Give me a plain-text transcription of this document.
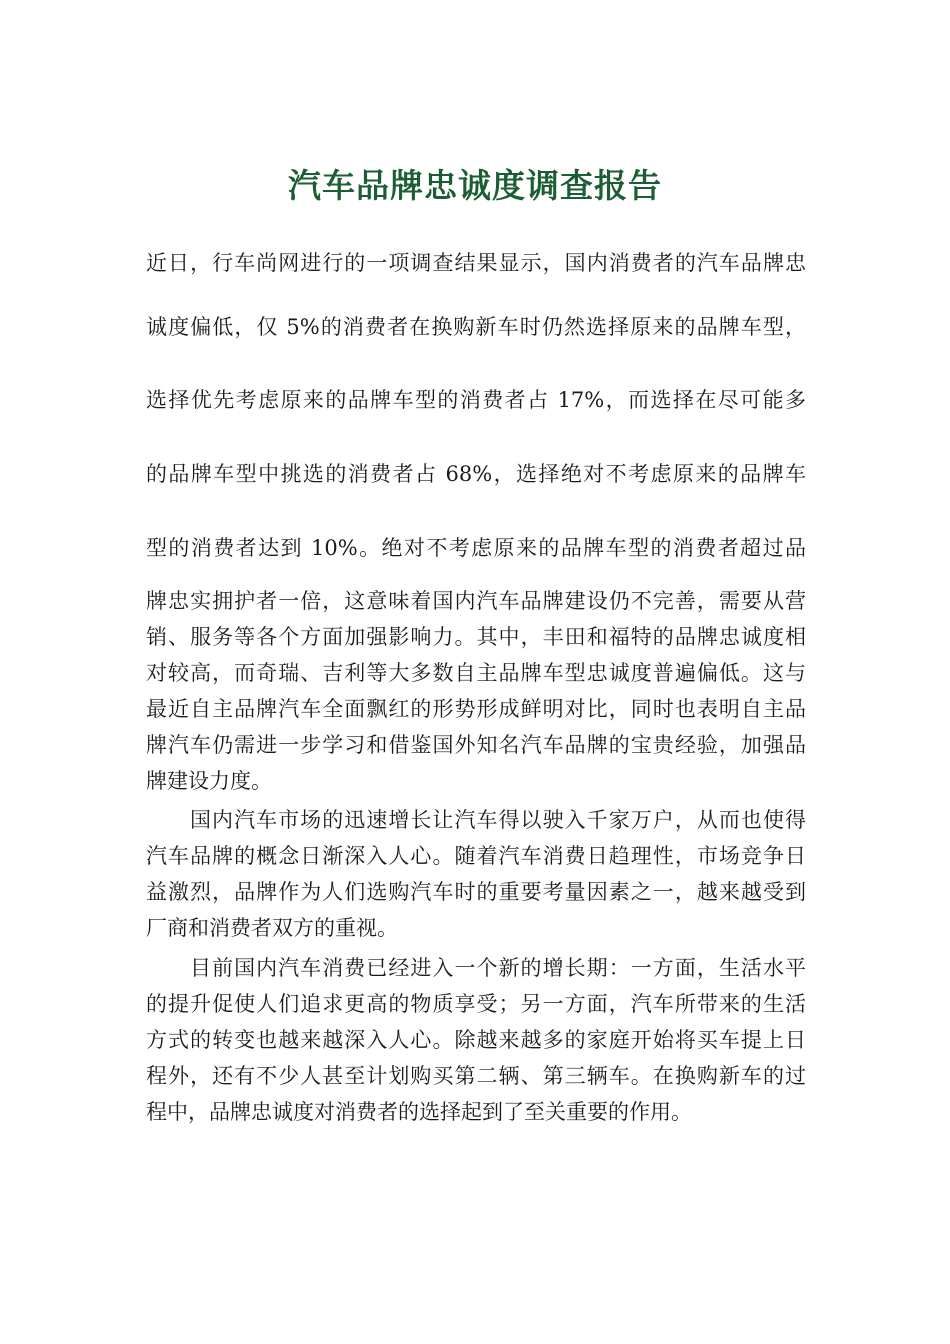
汽车品牌忠诚度调查报告
近日，行车尚网进行的一项调查结果显示，国内消费者的汽车品牌忠
诚度偏低，仅 5%的消费者在换购新车时仍然选择原来的品牌车型，
选择优先考虑原来的品牌车型的消费者占 17%，而选择在尽可能多
的品牌车型中挑选的消费者占 68%，选择绝对不考虑原来的品牌车
型的消费者达到 10%。绝对不考虑原来的品牌车型的消费者超过品
牌忠实拥护者一倍，这意味着国内汽车品牌建设仍不完善，需要从营
销、服务等各个方面加强影响力。其中，丰田和福特的品牌忠诚度相
对较高，而奇瑞、吉利等大多数自主品牌车型忠诚度普遍偏低。这与
最近自主品牌汽车全面飘红的形势形成鲜明对比，同时也表明自主品
牌汽车仍需进一步学习和借鉴国外知名汽车品牌的宝贵经验，加强品
牌建设力度。
国内汽车市场的迅速增长让汽车得以驶入千家万户，从而也使得
汽车品牌的概念日渐深入人心。随着汽车消费日趋理性，市场竞争日
益激烈，品牌作为人们选购汽车时的重要考量因素之一，越来越受到
厂商和消费者双方的重视。
目前国内汽车消费已经进入一个新的增长期：一方面，生活水平
的提升促使人们追求更高的物质享受；另一方面，汽车所带来的生活
方式的转变也越来越深入人心。除越来越多的家庭开始将买车提上日
程外，还有不少人甚至计划购买第二辆、第三辆车。在换购新车的过
程中，品牌忠诚度对消费者的选择起到了至关重要的作用。
